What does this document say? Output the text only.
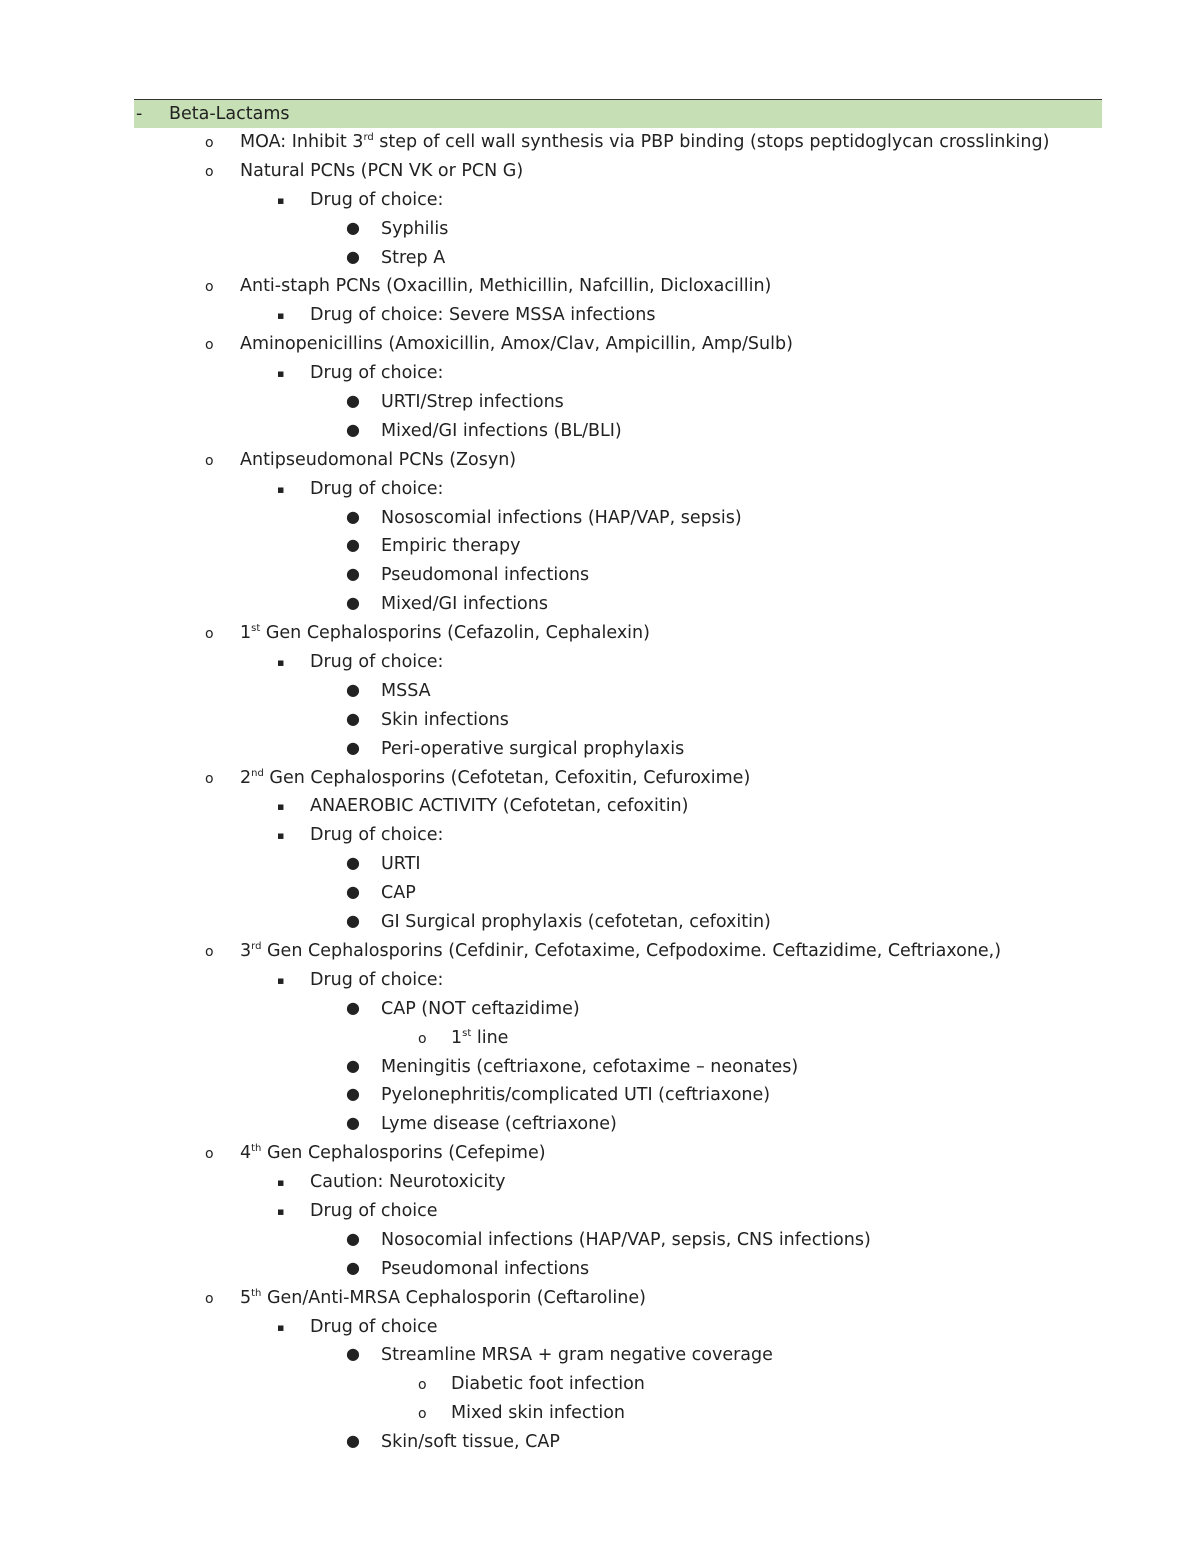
- Beta-Lactams
o MOA: Inhibit 3rd step of cell wall synthesis via PBP binding (stops peptidoglycan crosslinking)
o Natural PCNs (PCN VK or PCN G)
▪ Drug of choice:
● Syphilis
● Strep A
o Anti-staph PCNs (Oxacillin, Methicillin, Nafcillin, Dicloxacillin)
▪ Drug of choice: Severe MSSA infections
o Aminopenicillins (Amoxicillin, Amox/Clav, Ampicillin, Amp/Sulb)
▪ Drug of choice:
● URTI/Strep infections
● Mixed/GI infections (BL/BLI)
o Antipseudomonal PCNs (Zosyn)
▪ Drug of choice:
● Nososcomial infections (HAP/VAP, sepsis)
● Empiric therapy
● Pseudomonal infections
● Mixed/GI infections
o 1st Gen Cephalosporins (Cefazolin, Cephalexin)
▪ Drug of choice:
● MSSA
● Skin infections
● Peri-operative surgical prophylaxis
o 2nd Gen Cephalosporins (Cefotetan, Cefoxitin, Cefuroxime)
▪ ANAEROBIC ACTIVITY (Cefotetan, cefoxitin)
▪ Drug of choice:
● URTI
● CAP
● GI Surgical prophylaxis (cefotetan, cefoxitin)
o 3rd Gen Cephalosporins (Cefdinir, Cefotaxime, Cefpodoxime. Ceftazidime, Ceftriaxone,)
▪ Drug of choice:
● CAP (NOT ceftazidime)
o 1st line
● Meningitis (ceftriaxone, cefotaxime – neonates)
● Pyelonephritis/complicated UTI (ceftriaxone)
● Lyme disease (ceftriaxone)
o 4th Gen Cephalosporins (Cefepime)
▪ Caution: Neurotoxicity
▪ Drug of choice
● Nosocomial infections (HAP/VAP, sepsis, CNS infections)
● Pseudomonal infections
o 5th Gen/Anti-MRSA Cephalosporin (Ceftaroline)
▪ Drug of choice
● Streamline MRSA + gram negative coverage
o Diabetic foot infection
o Mixed skin infection
● Skin/soft tissue, CAP
